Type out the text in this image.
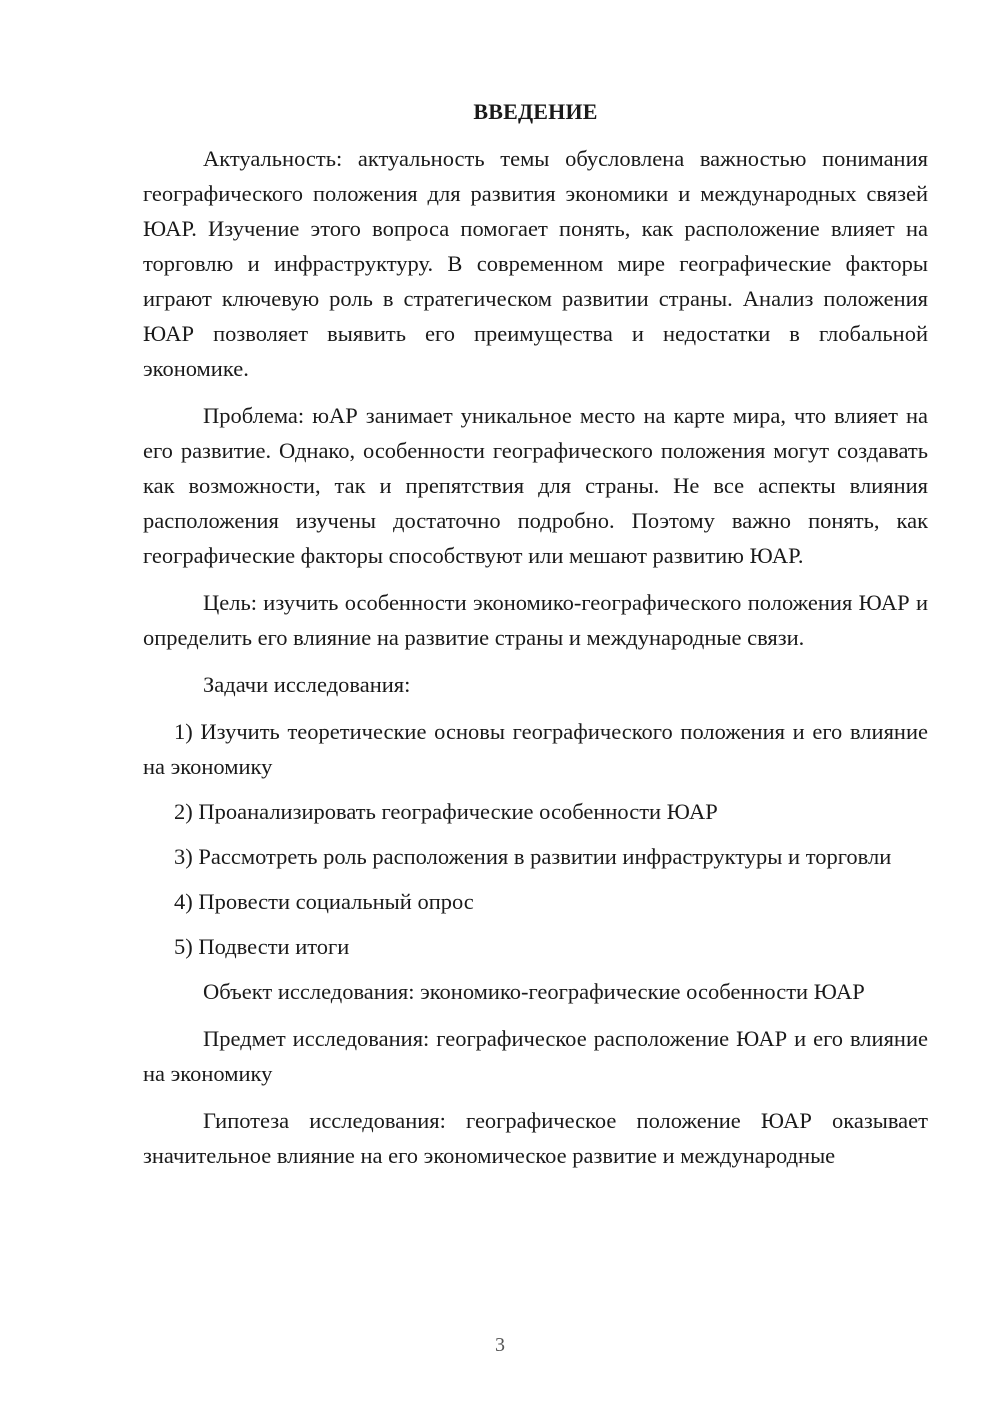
ВВЕДЕНИЕ

Актуальность: актуальность темы обусловлена важностью понимания географического положения для развития экономики и международных связей ЮАР. Изучение этого вопроса помогает понять, как расположение влияет на торговлю и инфраструктуру. В современном мире географические факторы играют ключевую роль в стратегическом развитии страны. Анализ положения ЮАР позволяет выявить его преимущества и недостатки в глобальной экономике.

Проблема: юАР занимает уникальное место на карте мира, что влияет на его развитие. Однако, особенности географического положения могут создавать как возможности, так и препятствия для страны. Не все аспекты влияния расположения изучены достаточно подробно. Поэтому важно понять, как географические факторы способствуют или мешают развитию ЮАР.

Цель: изучить особенности экономико-географического положения ЮАР и определить его влияние на развитие страны и международные связи.

Задачи исследования:

1) Изучить теоретические основы географического положения и его влияние на экономику

2) Проанализировать географические особенности ЮАР

3) Рассмотреть роль расположения в развитии инфраструктуры и торговли

4) Провести социальный опрос

5) Подвести итоги

Объект исследования: экономико-географические особенности ЮАР

Предмет исследования: географическое расположение ЮАР и его влияние на экономику

Гипотеза исследования: географическое положение ЮАР оказывает значительное влияние на его экономическое развитие и международные

3
